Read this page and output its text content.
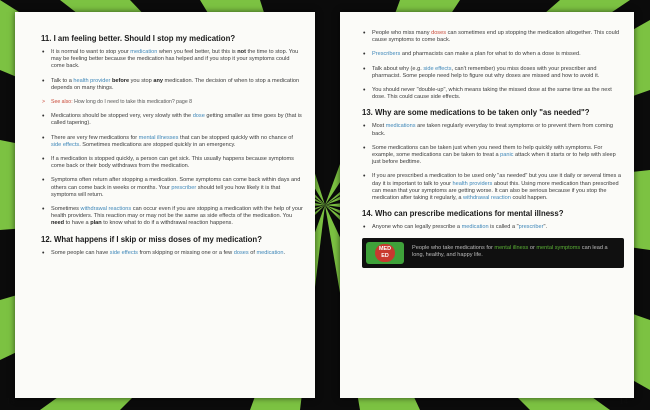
11. I am feeling better. Should I stop my medication?
• It is normal to want to stop your medication when you feel better, but this is not the time to stop. You may be feeling better because the medication has helped and if you stop it your symptoms could come back.
• Talk to a health provider before you stop any medication. The decision of when to stop a medication depends on many things.
> See also: How long do I need to take this medication? page 8
• Medications should be stopped very, very slowly with the dose getting smaller as time goes by (that is called tapering).
• There are very few medications for mental illnesses that can be stopped quickly with no chance of side effects. Sometimes medications are stopped quickly in an emergency.
• If a medication is stopped quickly, a person can get sick. This usually happens because symptoms come back or their body withdraws from the medication.
• Symptoms often return after stopping a medication. Some symptoms can come back within days and others can come back in weeks or months. Your prescriber should tell you how likely it is that symptoms will return.
• Sometimes withdrawal reactions can occur even if you are stopping a medication with the help of your health providers. This reaction may or may not be the same as side effects of the medication. You need to have a plan to know what to do if a withdrawal reaction happens.
12. What happens if I skip or miss doses of my medication?
• Some people can have side effects from skipping or missing one or a few doses of medication.
13
• People who miss many doses can sometimes end up stopping the medication altogether. This could cause symptoms to come back.
• Prescribers and pharmacists can make a plan for what to do when a dose is missed.
• Talk about why (e.g. side effects, can't remember) you miss doses with your prescriber and pharmacist. Some people need help to figure out why doses are missed and how to avoid it.
• You should never "double-up", which means taking the missed dose at the same time as the next dose. This could cause side effects.
13. Why are some medications to be taken only "as needed"?
• Most medications are taken regularly everyday to treat symptoms or to prevent them from coming back.
• Some medications can be taken just when you need them to help quickly with symptoms. For example, some medications can be taken to treat a panic attack when it starts or to help with sleep just before bedtime.
• If you are prescribed a medication to be used only "as needed" but you use it daily or several times a day it is important to talk to your health providers about this. Using more medication than prescribed can mean that your symptoms are getting worse. It can also be serious because if you stop the medication after taking it regularly, a withdrawal reaction could happen.
14. Who can prescribe medications for mental illness?
• Anyone who can legally prescribe a medication is called a "prescriber".
MED
ED
People who take medications for mental illness or mental symptoms can lead a long, healthy, and happy life.
14
